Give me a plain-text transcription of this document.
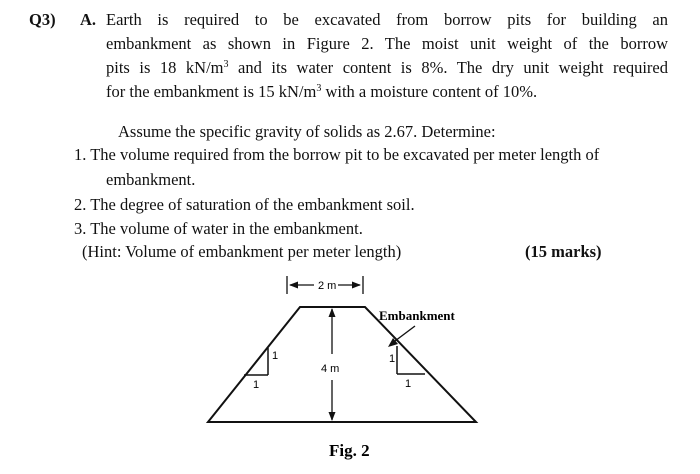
Q3) A. Earth is required to be excavated from borrow pits for building an
embankment as shown in Figure 2. The moist unit weight of the borrow
pits is 18 $kN/m^3$ and its water content is 8%. The dry unit weight required
for the embankment is 15 $kN/m^3$ with a moisture content of 10%.
Assume the specific gravity of solids as 2.67. Determine:
1. The volume required from the borrow pit to be excavated per meter length of
embankment.
2. The degree of saturation of the embankment soil.
3. The volume of water in the embankment.
(Hint: Volume of embankment per meter length)	(15 marks)
2 m
4 m
1
1
1
1
Embankment
Fig. 2
